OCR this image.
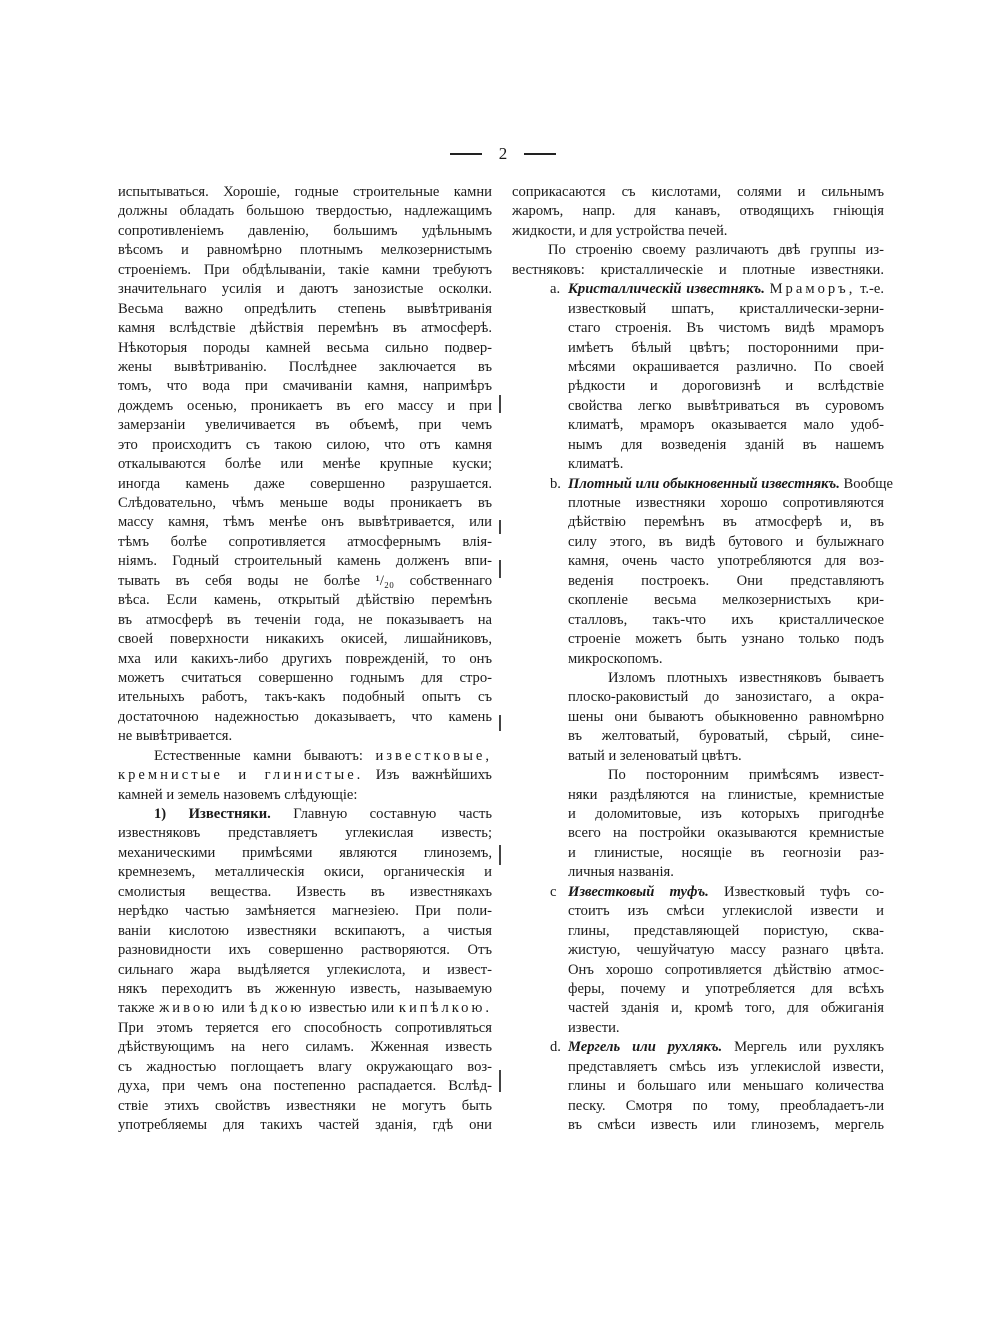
2
испытываться. Хорошіе, годные строительные камни
должны обладать большою твердостью, надлежащимъ
сопротивленіемъ давленію, большимъ удѣльнымъ
вѣсомъ и равномѣрно плотнымъ мелкозернистымъ
строеніемъ. При обдѣлываніи, такіе камни требуютъ
значительнаго усилія и даютъ занозистые осколки.
Весьма важно опредѣлить степень вывѣтриванія
камня вслѣдствіе дѣйствія перемѣнъ въ атмосферѣ.
Нѣкоторыя породы камней весьма сильно подвер-
жены вывѣтриванію. Послѣднее заключается въ
томъ, что вода при смачиваніи камня, напримѣръ
дождемъ осенью, проникаетъ въ его массу и при
замерзаніи увеличивается въ объемѣ, при чемъ
это происходитъ съ такою силою, что отъ камня
откалываются болѣе или менѣе крупные куски;
иногда камень даже совершенно разрушается.
Слѣдовательно, чѣмъ меньше воды проникаетъ въ
массу камня, тѣмъ менѣе онъ вывѣтривается, или
тѣмъ болѣе сопротивляется атмосфернымъ влія-
ніямъ. Годный строительный камень долженъ впи-
тывать въ себя воды не болѣе ¹/₂₀ собственнаго
вѣса. Если камень, открытый дѣйствію перемѣнъ
въ атмосферѣ въ теченіи года, не показываетъ на
своей поверхности никакихъ окисей, лишайниковъ,
мха или какихъ-либо другихъ поврежденій, то онъ
можетъ считаться совершенно годнымъ для стро-
ительныхъ работъ, такъ-какъ подобный опытъ съ
достаточною надежностью доказываетъ, что камень
не вывѣтривается.
Естественные камни бываютъ: известковые,
кремнистые и глинистые. Изъ важнѣйшихъ
камней и земель назовемъ слѣдующіе:
1) Известняки. Главную составную часть
известняковъ представляетъ углекислая известь;
механическими примѣсями являются глиноземъ,
кремнеземъ, металлическія окиси, органическія и
смолистыя вещества. Известь въ известнякахъ
нерѣдко частью замѣняется магнезіею. При поли-
ваніи кислотою известняки вскипаютъ, а чистыя
разновидности ихъ совершенно растворяются. Отъ
сильнаго жара выдѣляется углекислота, и извест-
някъ переходитъ въ жженную известь, называемую
также живою или ѣдкою известью или кипѣлкою.
При этомъ теряется его способность сопротивляться
дѣйствующимъ на него силамъ. Жженная известь
съ жадностью поглощаетъ влагу окружающаго воз-
духа, при чемъ она постепенно распадается. Вслѣд-
ствіе этихъ свойствъ известняки не могутъ быть
употребляемы для такихъ частей зданія, гдѣ они
соприкасаются съ кислотами, солями и сильнымъ
жаромъ, напр. для канавъ, отводящихъ гніющія
жидкости, и для устройства печей.
По строенію своему различаютъ двѣ группы из-
вестняковъ: кристаллическіе и плотные известняки.
a. Кристаллическій известнякъ. Мраморъ, т.-е.
известковый шпатъ, кристаллически-зерни-
стаго строенія. Въ чистомъ видѣ мраморъ
имѣетъ бѣлый цвѣтъ; посторонними при-
мѣсями окрашивается различно. По своей
рѣдкости и дороговизнѣ и вслѣдствіе
свойства легко вывѣтриваться въ суровомъ
климатѣ, мраморъ оказывается мало удоб-
нымъ для возведенія зданій въ нашемъ
климатѣ.
b. Плотный или обыкновенный известнякъ. Вообще
плотные известняки хорошо сопротивляются
дѣйствію перемѣнъ въ атмосферѣ и, въ
силу этого, въ видѣ бутового и булыжнаго
камня, очень часто употребляются для воз-
веденія построекъ. Они представляютъ
скопленіе весьма мелкозернистыхъ кри-
сталловъ, такъ-что ихъ кристаллическое
строеніе можетъ быть узнано только подъ
микроскопомъ.
Изломъ плотныхъ известняковъ бываетъ
плоско-раковистый до занозистаго, а окра-
шены они бываютъ обыкновенно равномѣрно
въ желтоватый, буроватый, сѣрый, сине-
ватый и зеленоватый цвѣтъ.
По посторонним примѣсямъ извест-
няки раздѣляются на глинистые, кремнистые
и доломитовые, изъ которыхъ пригоднѣе
всего на постройки оказываются кремнистые
и глинистые, носящіе въ геогнозіи раз-
личныя названія.
c Известковый туфъ. Известковый туфъ со-
стоитъ изъ смѣси углекислой извести и
глины, представляющей пористую, сква-
жистую, чешуйчатую массу разнаго цвѣта.
Онъ хорошо сопротивляется дѣйствію атмос-
феры, почему и употребляется для всѣхъ
частей зданія и, кромѣ того, для обжиганія
извести.
d. Мергель или рухлякъ. Мергель или рухлякъ
представляетъ смѣсь изъ углекислой извести,
глины и большаго или меньшаго количества
песку. Смотря по тому, преобладаетъ-ли
въ смѣси известь или глиноземъ, мергель
